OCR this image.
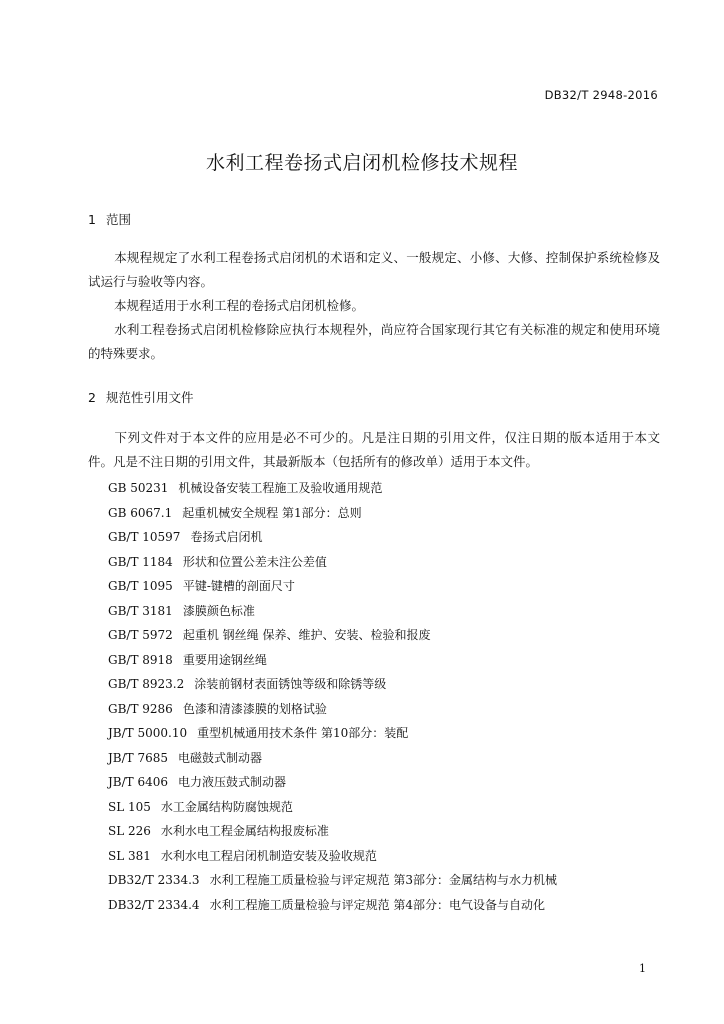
DB32/T 2948-2016
水利工程卷扬式启闭机检修技术规程
1 范围
本规程规定了水利工程卷扬式启闭机的术语和定义、一般规定、小修、大修、控制保护系统检修及试运行与验收等内容。
本规程适用于水利工程的卷扬式启闭机检修。
水利工程卷扬式启闭机检修除应执行本规程外，尚应符合国家现行其它有关标准的规定和使用环境的特殊要求。
2 规范性引用文件
下列文件对于本文件的应用是必不可少的。凡是注日期的引用文件，仅注日期的版本适用于本文件。凡是不注日期的引用文件，其最新版本（包括所有的修改单）适用于本文件。
GB 50231 机械设备安装工程施工及验收通用规范
GB 6067.1 起重机械安全规程 第1部分：总则
GB/T 10597 卷扬式启闭机
GB/T 1184 形状和位置公差未注公差值
GB/T 1095 平键-键槽的剖面尺寸
GB/T 3181 漆膜颜色标准
GB/T 5972 起重机 钢丝绳 保养、维护、安装、检验和报废
GB/T 8918 重要用途钢丝绳
GB/T 8923.2 涂装前钢材表面锈蚀等级和除锈等级
GB/T 9286 色漆和清漆漆膜的划格试验
JB/T 5000.10 重型机械通用技术条件 第10部分：装配
JB/T 7685 电磁鼓式制动器
JB/T 6406 电力液压鼓式制动器
SL 105 水工金属结构防腐蚀规范
SL 226 水利水电工程金属结构报废标准
SL 381 水利水电工程启闭机制造安装及验收规范
DB32/T 2334.3 水利工程施工质量检验与评定规范 第3部分：金属结构与水力机械
DB32/T 2334.4 水利工程施工质量检验与评定规范 第4部分：电气设备与自动化
1
